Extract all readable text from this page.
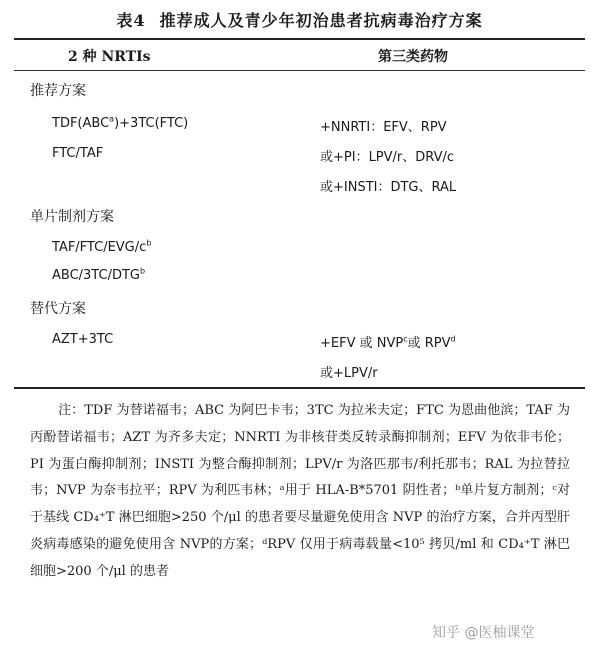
表4 推荐成人及青少年初治患者抗病毒治疗方案
2 种 NRTIs	第三类药物
推荐方案
$TDF(ABC^a)+3TC(FTC)$	+NNRTI：EFV、RPV
FTC/TAF	或+PI：LPV/r、DRV/c
或+INSTI：DTG、RAL
单片制剂方案
TAF/$FTC/EVG/c^b$
ABC/3TC/DTG$^b$
替代方案
AZT+3TC	+EFV 或 NVP$^c$或 RPV$^d$
或+LPV/r
注：TDF 为替诺福韦；ABC 为阿巴卡韦；3TC 为拉米夫定；FTC 为恩曲他滨；TAF 为丙酚替诺福韦；AZT 为齐多夫定；NNRTI 为非核苷类反转录酶抑制剂；EFV 为依非韦伦；PI 为蛋白酶抑制剂；INSTI 为整合酶抑制剂；LPV/r 为洛匹那韦/利托那韦；RAL 为拉替拉韦；NVP 为奈韦拉平；RPV 为利匹韦林；ᵃ用于 HLA-B*5701 阴性者；ᵇ单片复方制剂；ᶜ对于基线 CD₄⁺T 淋巴细胞>250 个/μl 的患者要尽量避免使用含 NVP 的治疗方案，合并丙型肝炎病毒感染的避免使用含 NVP的方案；ᵈRPV 仅用于病毒载量<10⁵ 拷贝/ml 和 CD₄⁺T 淋巴细胞>200 个/μl 的患者
知乎 @医柚课堂
